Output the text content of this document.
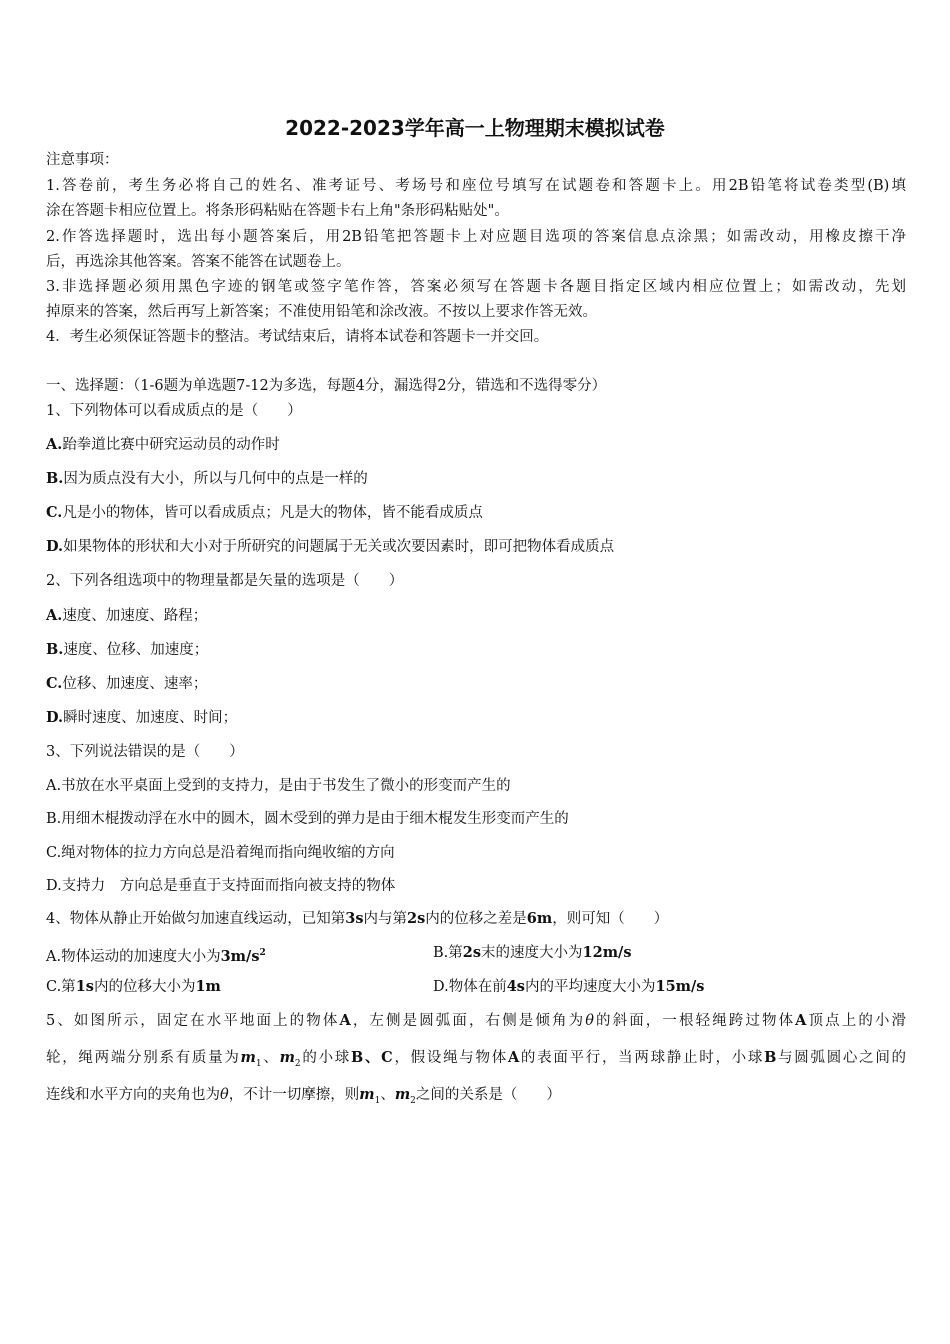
2022-2023学年高一上物理期末模拟试卷
注意事项：
1.答卷前，考生务必将自己的姓名、准考证号、考场号和座位号填写在试题卷和答题卡上。用2B铅笔将试卷类型(B)填
涂在答题卡相应位置上。将条形码粘贴在答题卡右上角"条形码粘贴处"。
2.作答选择题时，选出每小题答案后，用2B铅笔把答题卡上对应题目选项的答案信息点涂黑；如需改动，用橡皮擦干净
后，再选涂其他答案。答案不能答在试题卷上。
3.非选择题必须用黑色字迹的钢笔或签字笔作答，答案必须写在答题卡各题目指定区域内相应位置上；如需改动，先划
掉原来的答案，然后再写上新答案；不准使用铅笔和涂改液。不按以上要求作答无效。
4．考生必须保证答题卡的整洁。考试结束后，请将本试卷和答题卡一并交回。
一、选择题：（1-6题为单选题7-12为多选，每题4分，漏选得2分，错选和不选得零分）
1、下列物体可以看成质点的是（　　）
A.跆拳道比赛中研究运动员的动作时
B.因为质点没有大小，所以与几何中的点是一样的
C.凡是小的物体，皆可以看成质点；凡是大的物体，皆不能看成质点
D.如果物体的形状和大小对于所研究的问题属于无关或次要因素时，即可把物体看成质点
2、下列各组选项中的物理量都是矢量的选项是（　　）
A.速度、加速度、路程；
B.速度、位移、加速度；
C.位移、加速度、速率；
D.瞬时速度、加速度、时间；
3、下列说法错误的是（　　）
A.书放在水平桌面上受到的支持力，是由于书发生了微小的形变而产生的
B.用细木棍拨动浮在水中的圆木，圆木受到的弹力是由于细木棍发生形变而产生的
C.绳对物体的拉力方向总是沿着绳而指向绳收缩的方向
D.支持力　方向总是垂直于支持面而指向被支持的物体
4、物体从静止开始做匀加速直线运动，已知第3s内与第2s内的位移之差是6m，则可知（　　）
A.物体运动的加速度大小为$3m/s^2$	B.第2s末的速度大小为12m/s
C.第1s内的位移大小为1m	D.物体在前4s内的平均速度大小为15m/s
5、如图所示，固定在水平地面上的物体A，左侧是圆弧面，右侧是倾角为θ的斜面，一根轻绳跨过物体A顶点上的小滑
轮，绳两端分别系有质量为$m_1$、$m_2$的小球B、C，假设绳与物体A的表面平行，当两球静止时，小球B与圆弧圆心之间的
连线和水平方向的夹角也为θ，不计一切摩擦，则$m_1$、$m_2$之间的关系是（　　）
